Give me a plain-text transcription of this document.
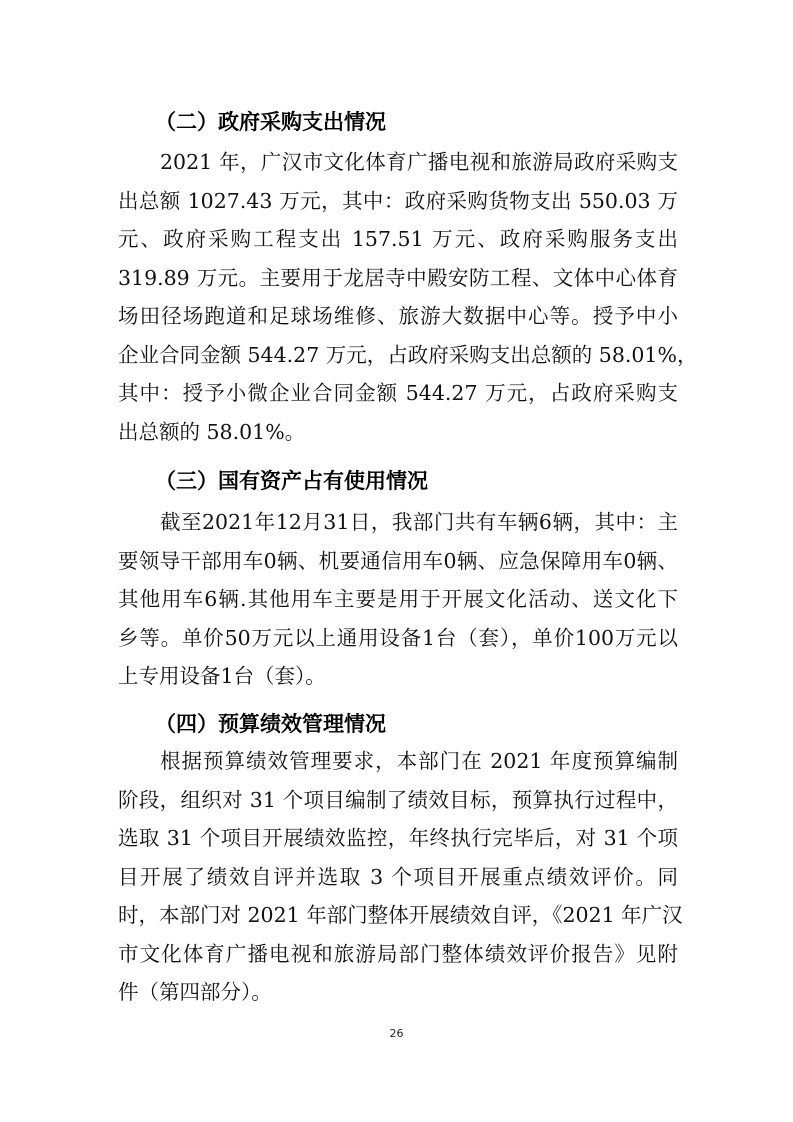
（二）政府采购支出情况
2021 年，广汉市文化体育广播电视和旅游局政府采购支
出总额 1027.43 万元，其中：政府采购货物支出 550.03 万
元、政府采购工程支出 157.51 万元、政府采购服务支出
319.89 万元。主要用于龙居寺中殿安防工程、文体中心体育
场田径场跑道和足球场维修、旅游大数据中心等。授予中小
企业合同金额 544.27 万元，占政府采购支出总额的 58.01%，
其中：授予小微企业合同金额 544.27 万元，占政府采购支
出总额的 58.01%。
（三）国有资产占有使用情况
截至2021年12月31日，我部门共有车辆6辆，其中：主
要领导干部用车0辆、机要通信用车0辆、应急保障用车0辆、
其他用车6辆.其他用车主要是用于开展文化活动、送文化下
乡等。单价50万元以上通用设备1台（套），单价100万元以
上专用设备1台（套）。
（四）预算绩效管理情况
根据预算绩效管理要求，本部门在 2021 年度预算编制
阶段，组织对 31 个项目编制了绩效目标，预算执行过程中，
选取 31 个项目开展绩效监控，年终执行完毕后，对 31 个项
目开展了绩效自评并选取 3 个项目开展重点绩效评价。同
时，本部门对 2021 年部门整体开展绩效自评，《2021 年广汉
市文化体育广播电视和旅游局部门整体绩效评价报告》见附
件（第四部分）。
26
